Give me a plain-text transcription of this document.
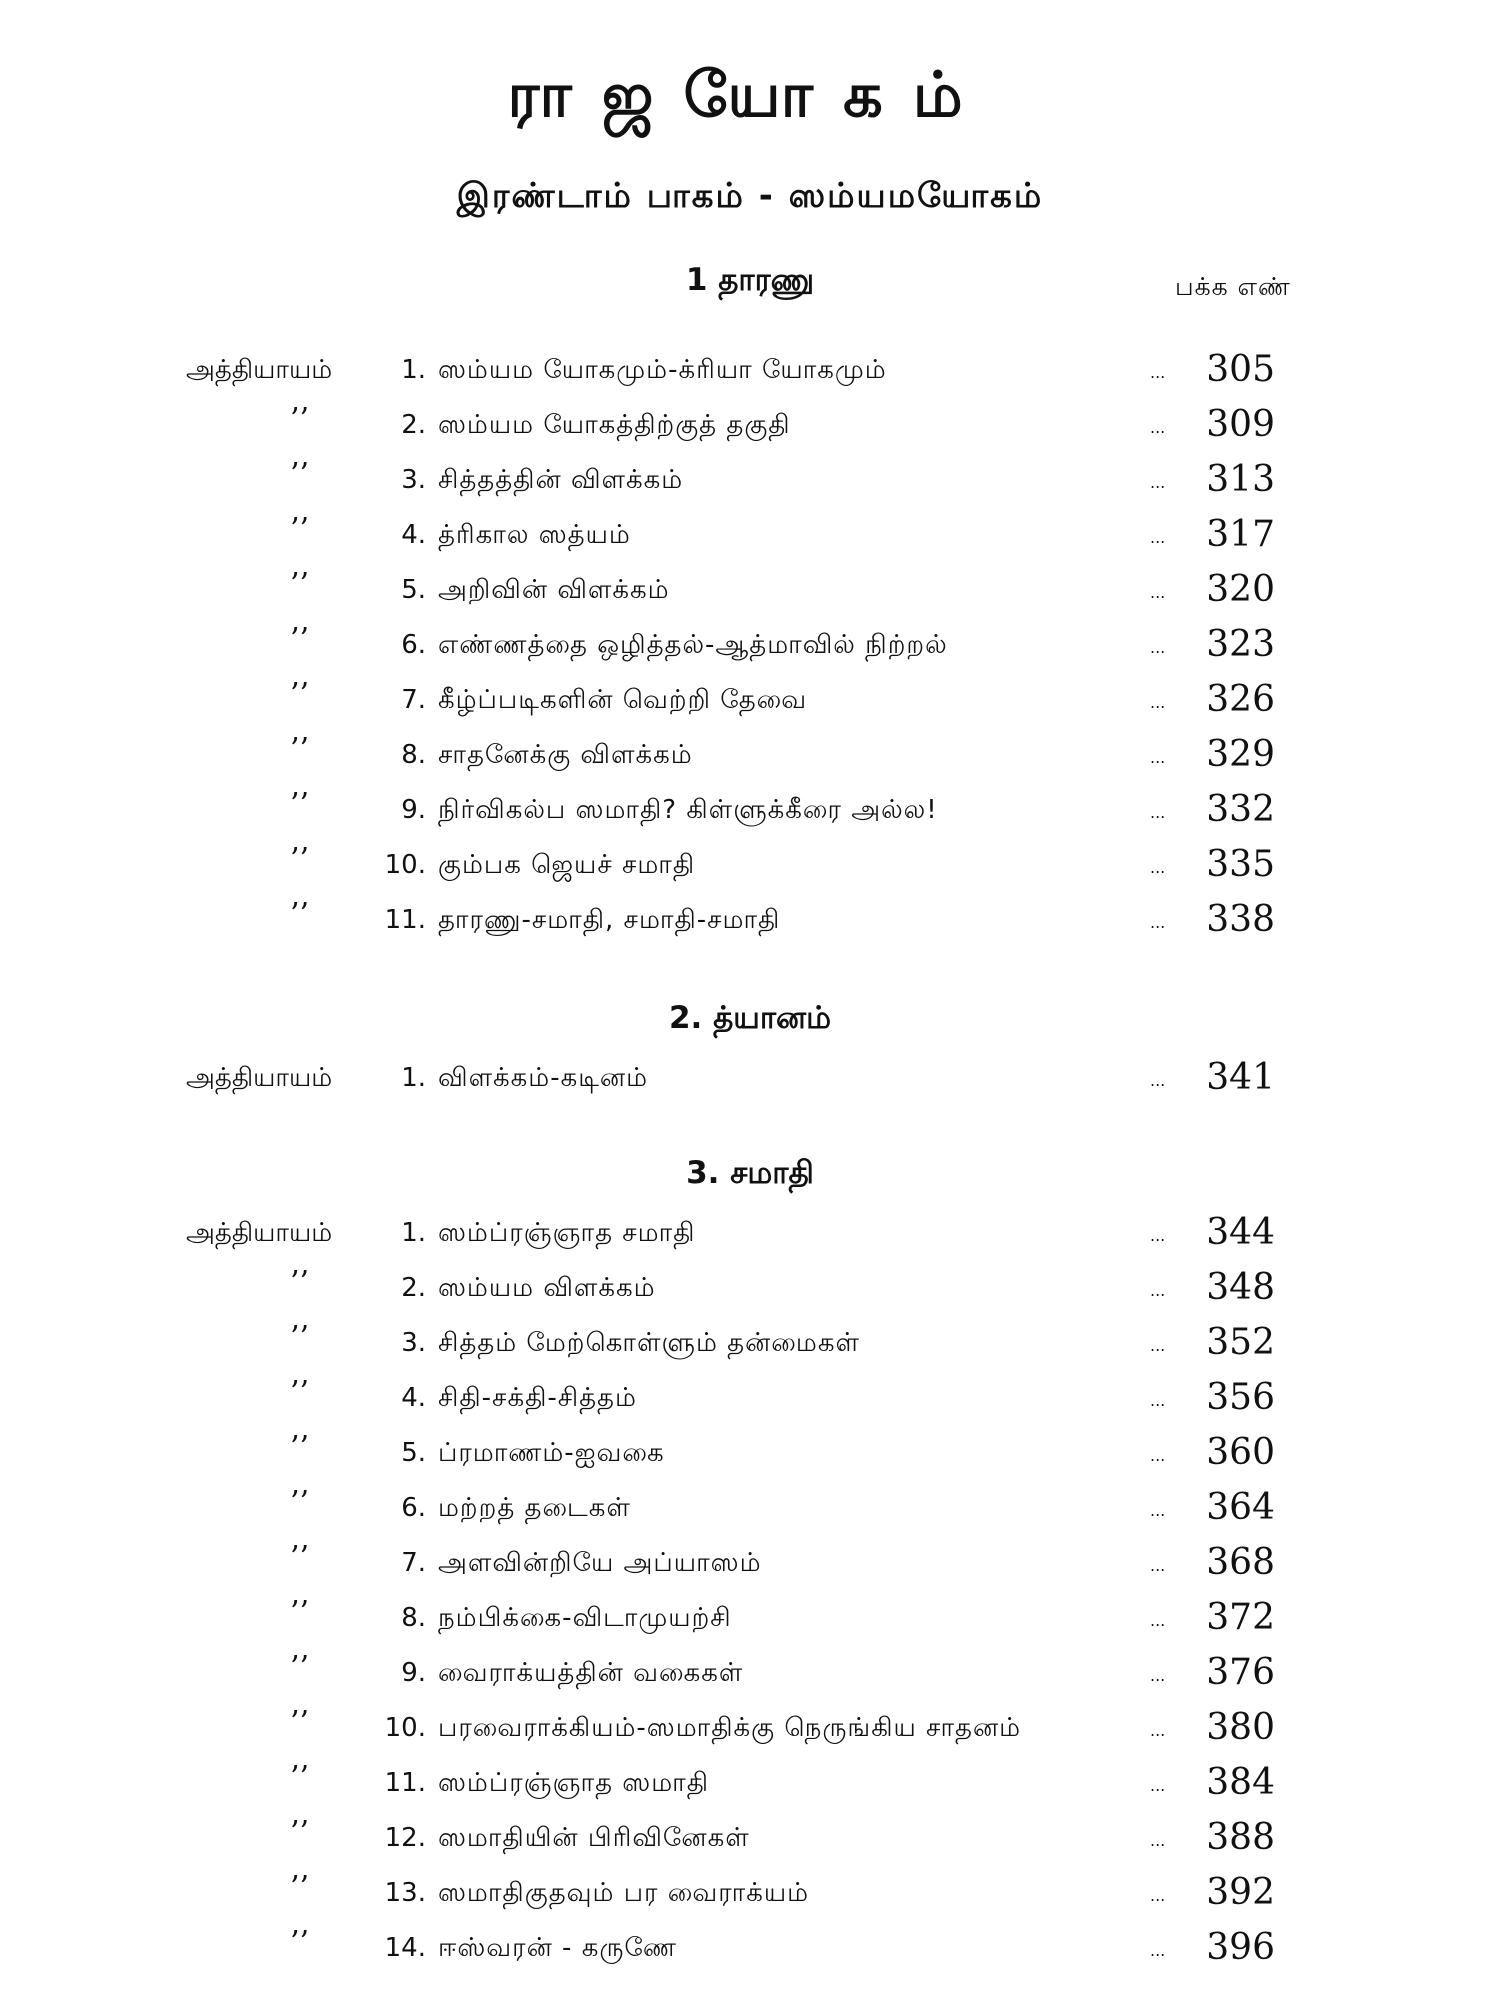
ராஜயோகம்
இரண்டாம் பாகம் - ஸம்யமயோகம்
பக்க எண்
1 தாரணு
அத்தியாயம்	1. ஸம்யம யோகமும்-க்ரியா யோகமும்	... 305
’’	2. ஸம்யம யோகத்திற்குத் தகுதி	... 309
’’	3. சித்தத்தின் விளக்கம்	... 313
’’	4. த்ரிகால ஸத்யம்	... 317
’’	5. அறிவின் விளக்கம்	... 320
’’	6. எண்ணத்தை ஒழித்தல்-ஆத்மாவில் நிற்றல்	... 323
’’	7. கீழ்ப்படிகளின் வெற்றி தேவை	... 326
’’	8. சாதனேக்கு விளக்கம்	... 329
’’	9. நிர்விகல்ப ஸமாதி? கிள்ளுக்கீரை அல்ல!	... 332
’’	10. கும்பக ஜெயச் சமாதி	... 335
’’	11. தாரணு-சமாதி, சமாதி-சமாதி	... 338
2. த்யானம்
அத்தியாயம்	1. விளக்கம்-கடினம்	... 341
3. சமாதி
அத்தியாயம்	1. ஸம்ப்ரஞ்ஞாத சமாதி	... 344
’’	2. ஸம்யம விளக்கம்	... 348
’’	3. சித்தம் மேற்கொள்ளும் தன்மைகள்	... 352
’’	4. சிதி-சக்தி-சித்தம்	... 356
’’	5. ப்ரமாணம்-ஐவகை	... 360
’’	6. மற்றத் தடைகள்	... 364
’’	7. அளவின்றியே அப்யாஸம்	... 368
’’	8. நம்பிக்கை-விடாமுயற்சி	... 372
’’	9. வைராக்யத்தின் வகைகள்	... 376
’’	10. பரவைராக்கியம்-ஸமாதிக்கு நெருங்கிய சாதனம்	... 380
’’	11. ஸம்ப்ரஞ்ஞாத ஸமாதி	... 384
’’	12. ஸமாதியின் பிரிவினேகள்	... 388
’’	13. ஸமாதிகுதவும் பர வைராக்யம்	... 392
’’	14. ஈஸ்வரன் - கருணே	... 396
